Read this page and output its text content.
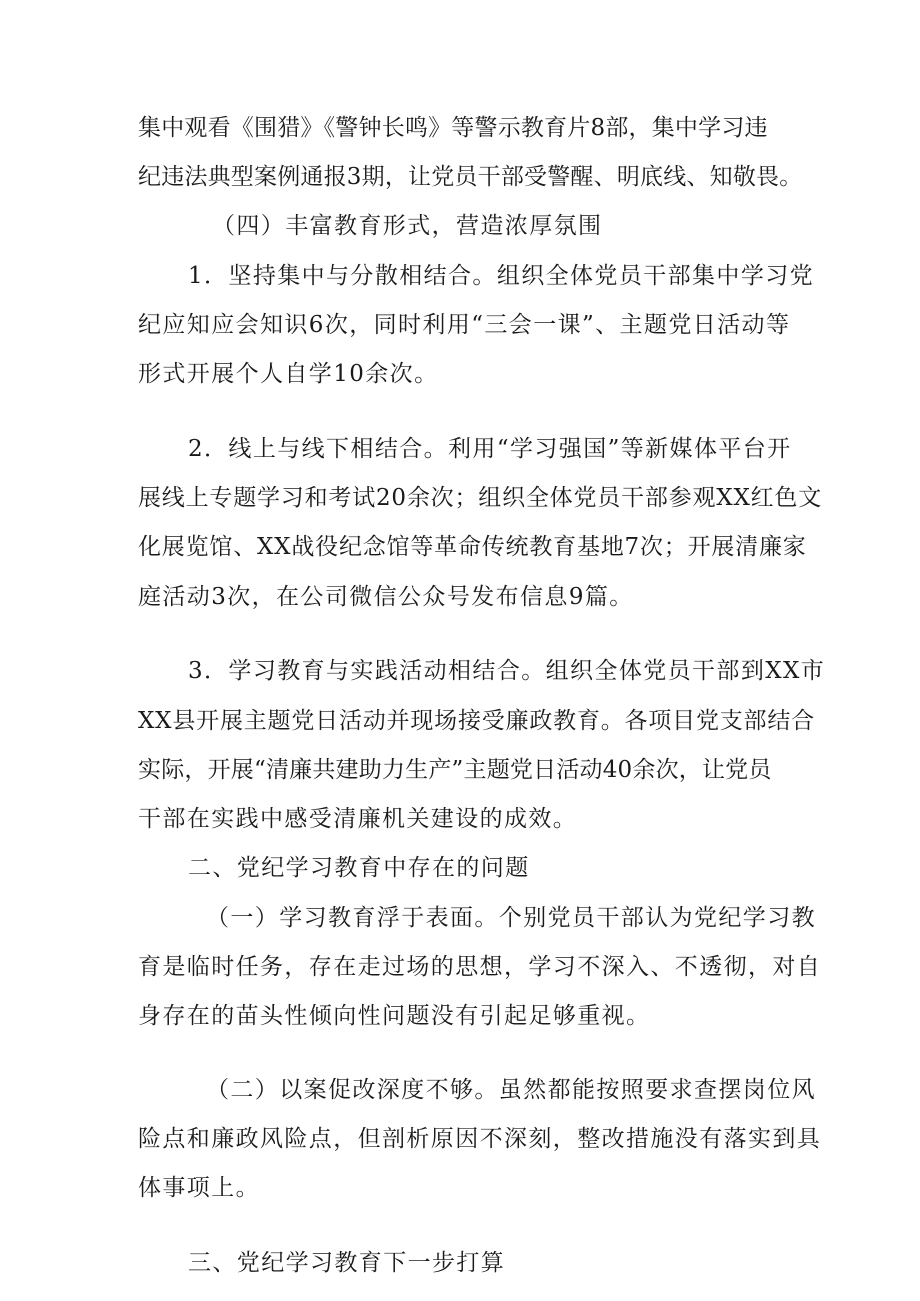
集中观看《围猎》《警钟长鸣》等警示教育片8部，集中学习违

纪违法典型案例通报3期，让党员干部受警醒、明底线、知敬畏。

（四）丰富教育形式，营造浓厚氛围

1．坚持集中与分散相结合。组织全体党员干部集中学习党

纪应知应会知识6次，同时利用“三会一课”、主题党日活动等

形式开展个人自学10余次。

2．线上与线下相结合。利用“学习强国”等新媒体平台开

展线上专题学习和考试20余次；组织全体党员干部参观XX红色文

化展览馆、XX战役纪念馆等革命传统教育基地7次；开展清廉家

庭活动3次，在公司微信公众号发布信息9篇。

3．学习教育与实践活动相结合。组织全体党员干部到XX市

XX县开展主题党日活动并现场接受廉政教育。各项目党支部结合

实际，开展“清廉共建助力生产”主题党日活动40余次，让党员

干部在实践中感受清廉机关建设的成效。

二、党纪学习教育中存在的问题

（一）学习教育浮于表面。个别党员干部认为党纪学习教

育是临时任务，存在走过场的思想，学习不深入、不透彻，对自

身存在的苗头性倾向性问题没有引起足够重视。

（二）以案促改深度不够。虽然都能按照要求查摆岗位风

险点和廉政风险点，但剖析原因不深刻，整改措施没有落实到具

体事项上。

三、党纪学习教育下一步打算
